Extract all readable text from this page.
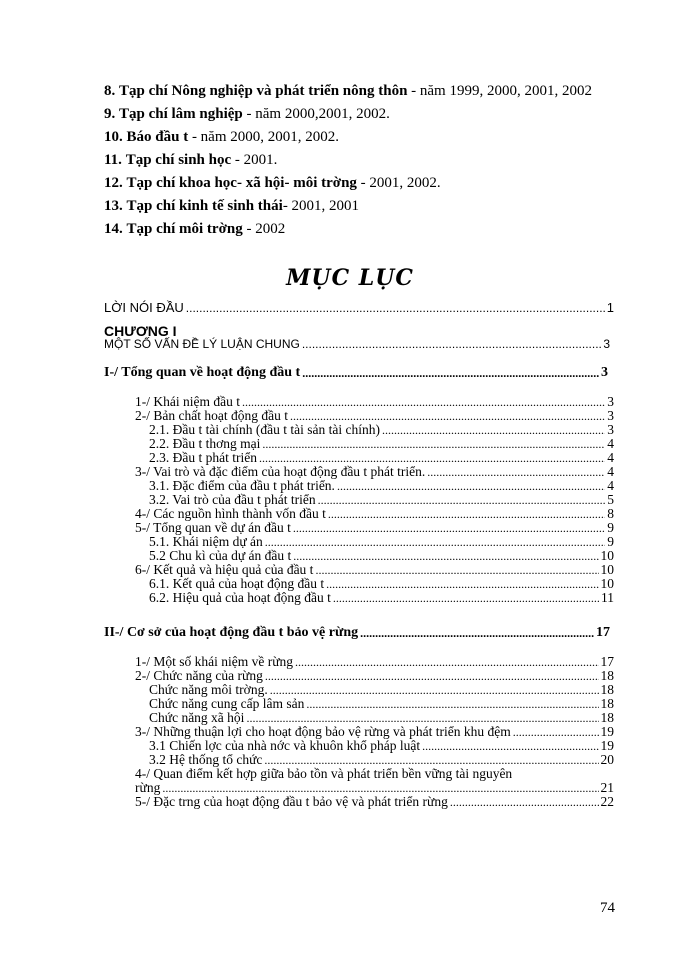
8. Tạp chí Nông nghiệp và phát triển nông thôn - năm 1999, 2000, 2001, 2002

9. Tạp chí lâm nghiệp - năm 2000,2001, 2002.

10. Báo đầu t - năm 2000, 2001, 2002.

11. Tạp chí sinh học - 2001.

12. Tạp chí khoa học- xã hội- môi trờng - 2001, 2002.

13. Tạp chí kinh tế sinh thái- 2001, 2001

14. Tạp chí môi trờng - 2002

MỤC LỤC
LỜI NÓI ĐẦU .....	1
CHƯƠNG I
MỘT SỐ VẤN ĐỀ LÝ LUẬN CHUNG .....	3
I-/ Tổng quan về hoạt động đầu t .....	3
1-/ Khái niệm đầu t .....	3
2-/ Bản chất hoạt động đầu t .....	3
2.1. Đầu t tài chính (đầu t tài sản tài chính) .....	3
2.2. Đầu t thơng mại .....	4
2.3. Đầu t phát triển .....	4
3-/ Vai trò và đặc điểm của hoạt động đầu t phát triển. .....	4
3.1. Đặc điểm của đầu t phát triển. .....	4
3.2. Vai trò của đầu t phát triển .....	5
4-/ Các nguồn hình thành vốn đầu t .....	8
5-/ Tổng quan về dự án đầu t .....	9
5.1. Khái niệm dự án .....	9
5.2 Chu kì của dự án đầu t .....	10
6-/ Kết quả và hiệu quả của đầu t .....	10
6.1. Kết quả của hoạt động đầu t .....	10
6.2. Hiệu quả của hoạt động đầu t .....	11
II-/ Cơ sở của hoạt động đầu t bảo vệ rừng .....	17
1-/ Một số khái niệm về rừng .....	17
2-/ Chức năng của rừng .....	18
Chức năng môi trờng. .....	18
Chức năng cung cấp lâm sản .....	18
Chức năng xã hội .....	18
3-/ Những thuận lợi cho hoạt động bảo vệ rừng và phát triển khu đệm .....	19
3.1 Chiến lợc của nhà nớc và khuôn khổ pháp luật .....	19
3.2 Hệ thống tổ chức .....	20
4-/ Quan điểm kết hợp giữa bảo tồn và phát triển bền vững tài nguyên
rừng .....	21
5-/ Đặc trng của hoạt động đầu t bảo vệ và phát triển rừng .....	22
74
